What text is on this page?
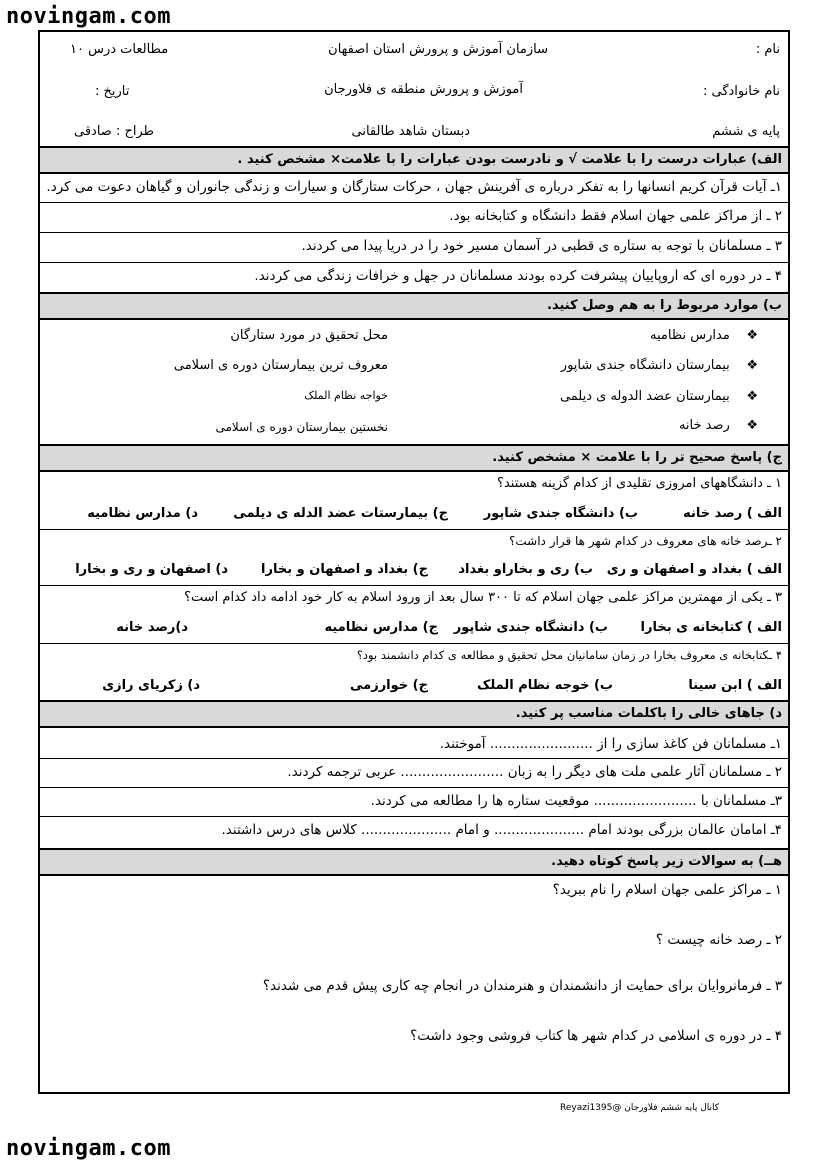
novingam.com
نام :
سازمان آموزش و پرورش استان اصفهان
مطالعات درس ۱۰
نام خانوادگی :
آموزش و پرورش منطقه ی فلاورجان
تاریخ :
پایه ی ششم
دبستان شاهد طالقانی
طراح : صادقی
الف) عبارات درست را با علامت √ و نادرست بودن عبارات را با علامت× مشخص کنید .
۱ـ آیات قرآن کریم انسانها را به تفکر درباره ی آفرینش جهان ، حرکات ستارگان و سیارات و زندگی جانوران و گیاهان دعوت می کرد.
۲ ـ از مراکز علمی جهان اسلام فقط دانشگاه و کتابخانه بود.
۳ ـ مسلمانان با توجه به ستاره ی قطبی در آسمان مسیر خود را در دریا پیدا می کردند.
۴ ـ در دوره ای که اروپاییان پیشرفت کرده بودند مسلمانان در جهل و خرافات زندگی می کردند.
ب) موارد مربوط را به هم وصل کنید.
❖    مدارس نظامیه
❖    بیمارستان دانشگاه جندی شاپور
❖    بیمارستان عضد الدوله ی دیلمی
❖    رصد خانه
محل تحقیق در مورد ستارگان
معروف ترین بیمارستان دوره ی اسلامی
خواجه نظام الملک
نخستین بیمارستان دوره ی اسلامی
ج) پاسخ صحیح تر را با علامت × مشخص کنید.
۱ ـ دانشگاههای امروزی تقلیدی از کدام گزینه هستند؟
الف ) رصد خانه
ب) دانشگاه جندی شاپور
ج) بیمارستات عضد الدله ی دیلمی
د) مدارس نظامیه
۲ ـرصد خانه های معروف در کدام شهر ها قرار داشت؟
الف ) بغداد و اصفهان و ری
ب) ری و بخاراو بغداد
ج) بغداد و اصفهان و بخارا
د) اصفهان و ری و بخارا
۳ ـ یکی از مهمترین مراکز علمی جهان اسلام که تا ۳۰۰ سال بعد از ورود اسلام به کار خود ادامه داد کدام است؟
الف ) کتابخانه ی بخارا
ب) دانشگاه جندی شاپور
ج) مدارس نظامیه
د)رصد خانه
۴ ـکتابخانه ی معروف بخارا در زمان سامانیان محل تحقیق و مطالعه ی کدام دانشمند بود؟
الف ) ابن سینا
ب) خوجه نظام الملک
ج) خوارزمی
د) زکریای رازی
د) جاهای خالی را باکلمات مناسب پر کنید.
۱ـ مسلمانان فن کاغذ سازی را از ........................ آموختند.
۲ ـ مسلمانان آثار علمی ملت های دیگر را به زبان ........................ عربی ترجمه کردند.
۳ـ مسلمانان با ........................ موقعیت ستاره ها را مطالعه می کردند.
۴ـ امامان عالمان بزرگی بودند امام ..................... و امام ..................... کلاس های درس داشتند.
هــ) به سوالات زیر پاسخ کوتاه دهید.
۱ ـ مراکز علمی جهان اسلام را نام ببرید؟
۲ ـ رصد خانه چیست ؟
۳ ـ فرمانروایان برای حمایت از دانشمندان و هنرمندان در انجام چه کاری پیش قدم می شدند؟
۴ ـ در دوره ی اسلامی در کدام شهر ها کتاب فروشی وجود داشت؟
کانال پایه ششم فلاورجان @Reyazi1395
novingam.com
